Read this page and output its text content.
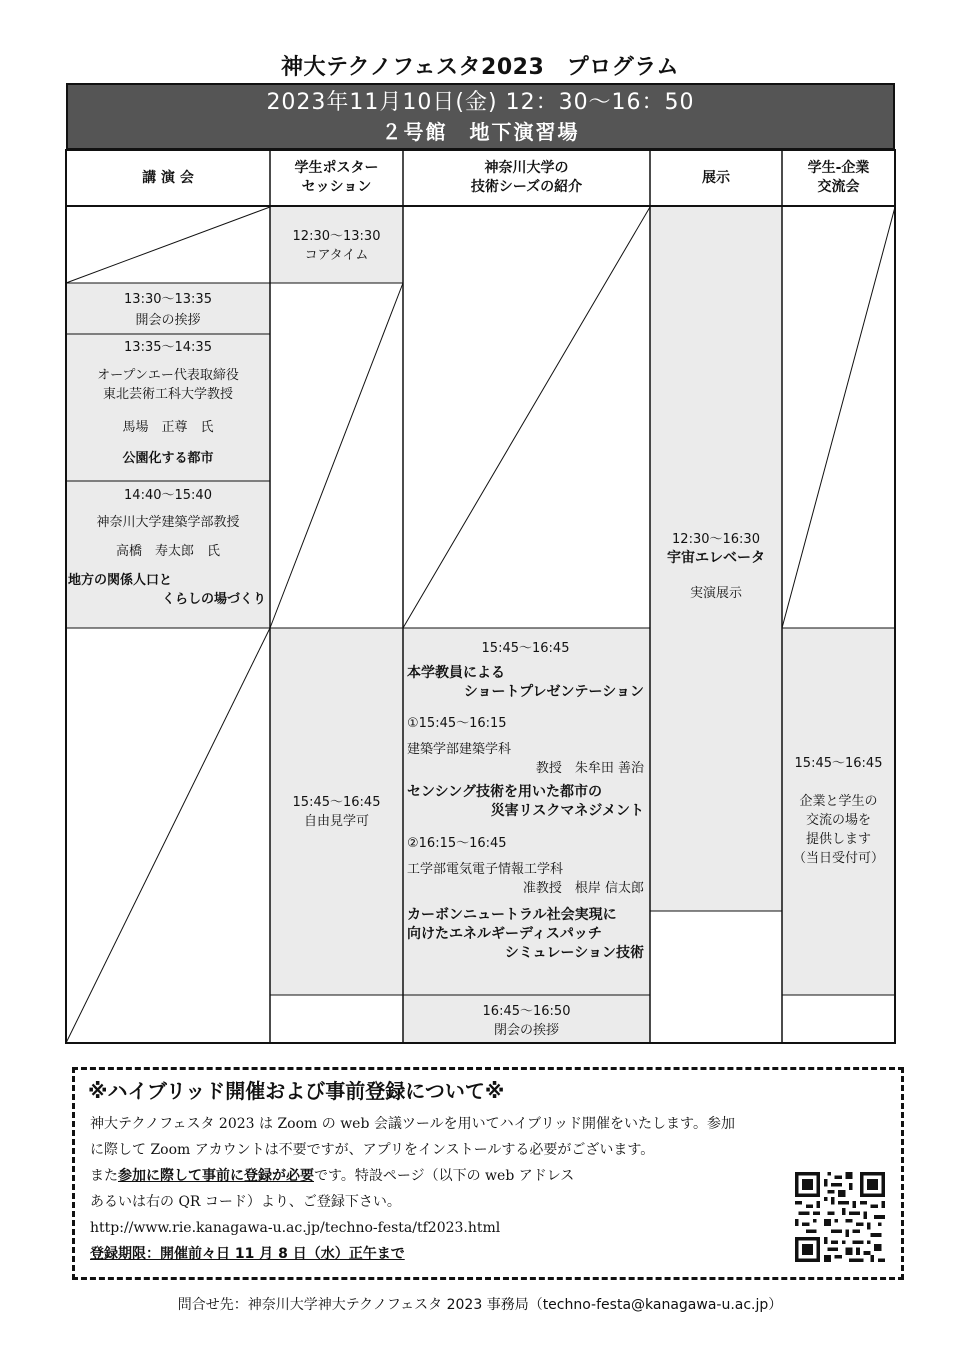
神大テクノフェスタ2023　プログラム
2023年11月10日(金) 12：30〜16：50
２号館　地下演習場
講 演 会
学生ポスター
セッション
神奈川大学の
技術シーズの紹介
展示
学生-企業
交流会

13:30〜13:35

開会の挨拶

13:35〜14:35

オープンエー代表取締役

東北芸術工科大学教授

馬場　正尊　氏

公園化する都市

14:40〜15:40

神奈川大学建築学部教授

高橋　寿太郎　氏

地方の関係人口と

くらしの場づくり

12:30〜13:30

コアタイム

15:45〜16:45

自由見学可

15:45〜16:45

本学教員による

ショートプレゼンテーション

①15:45〜16:15

建築学部建築学科

教授　朱牟田 善治

センシング技術を用いた都市の

災害リスクマネジメント

②16:15〜16:45

工学部電気電子情報工学科

准教授　根岸 信太郎

カーボンニュートラル社会実現に

向けたエネルギーディスパッチ

シミュレーション技術

16:45〜16:50

閉会の挨拶

12:30〜16:30

宇宙エレベータ

実演展示

15:45〜16:45

企業と学生の

交流の場を

提供します

（当日受付可）

※ハイブリッド開催および事前登録について※
神大テクノフェスタ 2023 は Zoom の web 会議ツールを用いてハイブリッド開催をいたします。参加
に際して Zoom アカウントは不要ですが、アプリをインストールする必要がございます。
また参加に際して事前に登録が必要です。特設ページ（以下の web アドレス
あるいは右の QR コード）より、ご登録下さい。
http://www.rie.kanagawa-u.ac.jp/techno-festa/tf2023.html
登録期限：開催前々日 11 月 8 日（水）正午まで
問合せ先：神奈川大学神大テクノフェスタ 2023 事務局（techno-festa@kanagawa-u.ac.jp）
